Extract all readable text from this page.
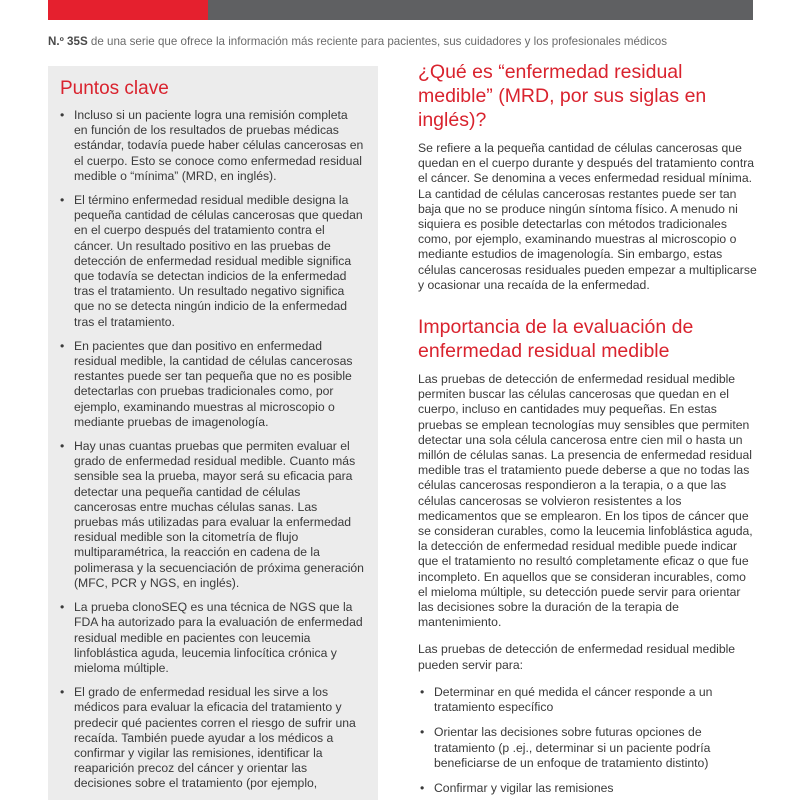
N.º 35S de una serie que ofrece la información más reciente para pacientes, sus cuidadores y los profesionales médicos
Puntos clave
• Incluso si un paciente logra una remisión completa en función de los resultados de pruebas médicas estándar, todavía puede haber células cancerosas en el cuerpo. Esto se conoce como enfermedad residual medible o “mínima” (MRD, en inglés).
• El término enfermedad residual medible designa la pequeña cantidad de células cancerosas que quedan en el cuerpo después del tratamiento contra el cáncer. Un resultado positivo en las pruebas de detección de enfermedad residual medible significa que todavía se detectan indicios de la enfermedad tras el tratamiento. Un resultado negativo significa que no se detecta ningún indicio de la enfermedad tras el tratamiento.
• En pacientes que dan positivo en enfermedad residual medible, la cantidad de células cancerosas restantes puede ser tan pequeña que no es posible detectarlas con pruebas tradicionales como, por ejemplo, examinando muestras al microscopio o mediante pruebas de imagenología.
• Hay unas cuantas pruebas que permiten evaluar el grado de enfermedad residual medible. Cuanto más sensible sea la prueba, mayor será su eficacia para detectar una pequeña cantidad de células cancerosas entre muchas células sanas. Las pruebas más utilizadas para evaluar la enfermedad residual medible son la citometría de flujo multiparamétrica, la reacción en cadena de la polimerasa y la secuenciación de próxima generación (MFC, PCR y NGS, en inglés).
• La prueba clonoSEQ es una técnica de NGS que la FDA ha autorizado para la evaluación de enfermedad residual medible en pacientes con leucemia linfoblástica aguda, leucemia linfocítica crónica y mieloma múltiple.
• El grado de enfermedad residual les sirve a los médicos para evaluar la eficacia del tratamiento y predecir qué pacientes corren el riesgo de sufrir una recaída. También puede ayudar a los médicos a confirmar y vigilar las remisiones, identificar la reaparición precoz del cáncer y orientar las decisiones sobre el tratamiento (por ejemplo,
¿Qué es “enfermedad residual medible” (MRD, por sus siglas en inglés)?

Se refiere a la pequeña cantidad de células cancerosas que quedan en el cuerpo durante y después del tratamiento contra el cáncer. Se denomina a veces enfermedad residual mínima. La cantidad de células cancerosas restantes puede ser tan baja que no se produce ningún síntoma físico. A menudo ni siquiera es posible detectarlas con métodos tradicionales como, por ejemplo, examinando muestras al microscopio o mediante estudios de imagenología. Sin embargo, estas células cancerosas residuales pueden empezar a multiplicarse y ocasionar una recaída de la enfermedad.

Importancia de la evaluación de enfermedad residual medible

Las pruebas de detección de enfermedad residual medible permiten buscar las células cancerosas que quedan en el cuerpo, incluso en cantidades muy pequeñas. En estas pruebas se emplean tecnologías muy sensibles que permiten detectar una sola célula cancerosa entre cien mil o hasta un millón de células sanas. La presencia de enfermedad residual medible tras el tratamiento puede deberse a que no todas las células cancerosas respondieron a la terapia, o a que las células cancerosas se volvieron resistentes a los medicamentos que se emplearon. En los tipos de cáncer que se consideran curables, como la leucemia linfoblástica aguda, la detección de enfermedad residual medible puede indicar que el tratamiento no resultó completamente eficaz o que fue incompleto. En aquellos que se consideran incurables, como el mieloma múltiple, su detección puede servir para orientar las decisiones sobre la duración de la terapia de mantenimiento.

Las pruebas de detección de enfermedad residual medible pueden servir para:

• Determinar en qué medida el cáncer responde a un tratamiento específico
• Orientar las decisiones sobre futuras opciones de tratamiento (p .ej., determinar si un paciente podría beneficiarse de un enfoque de tratamiento distinto)
• Confirmar y vigilar las remisiones
